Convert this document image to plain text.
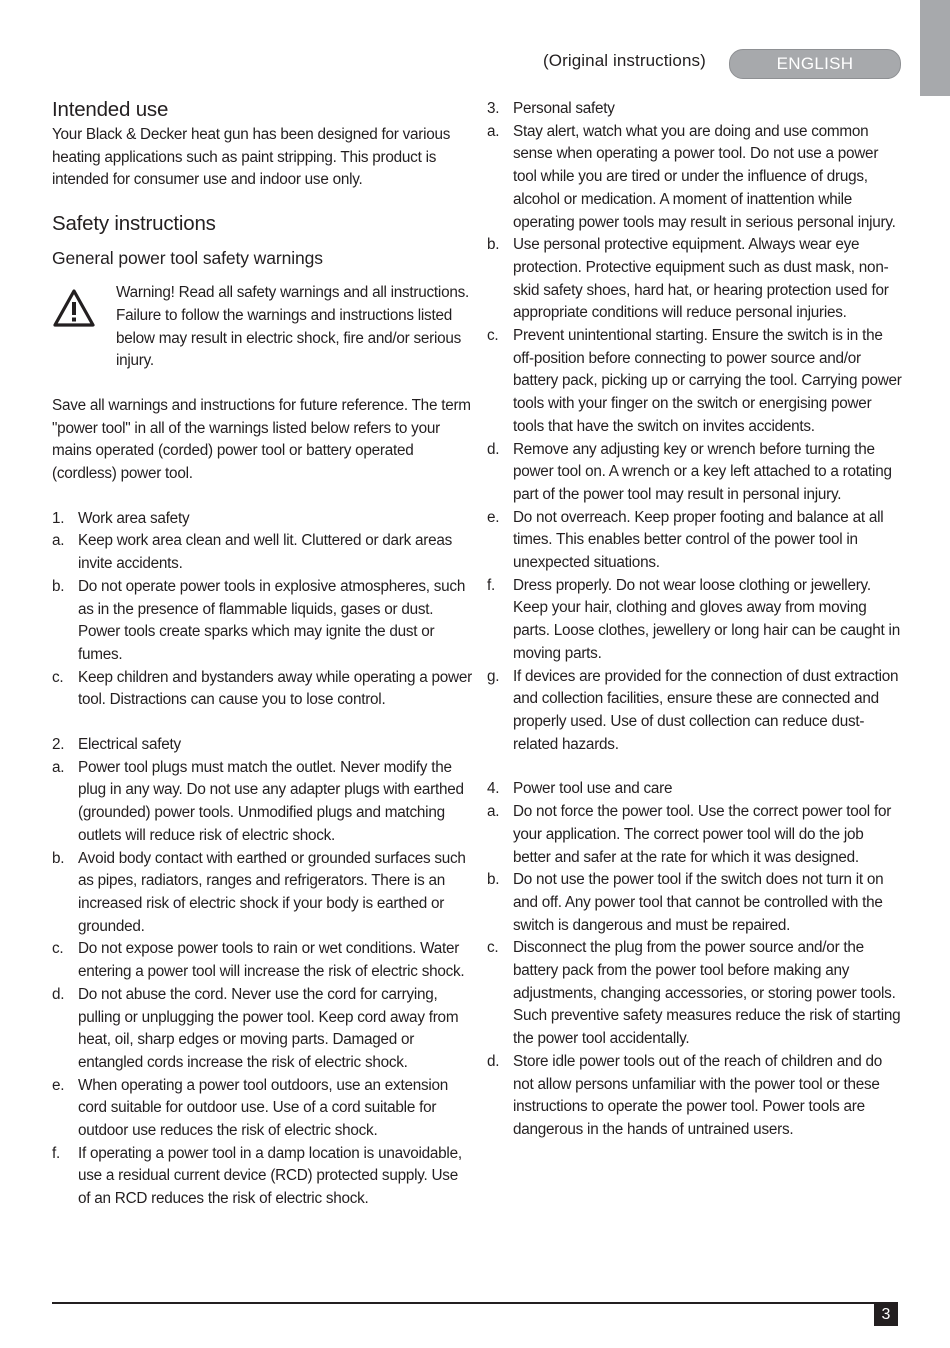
(Original instructions)	ENGLISH
Intended use
Your Black & Decker heat gun has been designed for various heating applications such as paint stripping. This product is intended for consumer use and indoor use only.
Safety instructions
General power tool safety warnings
Warning! Read all safety warnings and all instructions. Failure to follow the warnings and instructions listed below may result in electric shock, fire and/or serious injury.
Save all warnings and instructions for future reference. The term "power tool" in all of the warnings listed below refers to your mains operated (corded) power tool or battery operated (cordless) power tool.
1. Work area safety
a. Keep work area clean and well lit. Cluttered or dark areas invite accidents.
b. Do not operate power tools in explosive atmospheres, such as in the presence of flammable liquids, gases or dust. Power tools create sparks which may ignite the dust or fumes.
c. Keep children and bystanders away while operating a power tool. Distractions can cause you to lose control.
2. Electrical safety
a. Power tool plugs must match the outlet. Never modify the plug in any way. Do not use any adapter plugs with earthed (grounded) power tools. Unmodified plugs and matching outlets will reduce risk of electric shock.
b. Avoid body contact with earthed or grounded surfaces such as pipes, radiators, ranges and refrigerators. There is an increased risk of electric shock if your body is earthed or grounded.
c. Do not expose power tools to rain or wet conditions. Water entering a power tool will increase the risk of electric shock.
d. Do not abuse the cord. Never use the cord for carrying, pulling or unplugging the power tool. Keep cord away from heat, oil, sharp edges or moving parts. Damaged or entangled cords increase the risk of electric shock.
e. When operating a power tool outdoors, use an extension cord suitable for outdoor use. Use of a cord suitable for outdoor use reduces the risk of electric shock.
f.	If operating a power tool in a damp location is unavoidable, use a residual current device (RCD) protected supply. Use of an RCD reduces the risk of electric shock.
3. Personal safety
a. Stay alert, watch what you are doing and use common sense when operating a power tool. Do not use a power tool while you are tired or under the influence of drugs, alcohol or medication. A moment of inattention while operating power tools may result in serious personal injury.
b. Use personal protective equipment. Always wear eye protection. Protective equipment such as dust mask, non-skid safety shoes, hard hat, or hearing protection used for appropriate conditions will reduce personal injuries.
c. Prevent unintentional starting. Ensure the switch is in the off-position before connecting to power source and/or battery pack, picking up or carrying the tool. Carrying power tools with your finger on the switch or energising power tools that have the switch on invites accidents.
d. Remove any adjusting key or wrench before turning the power tool on. A wrench or a key left attached to a rotating part of the power tool may result in personal injury.
e. Do not overreach. Keep proper footing and balance at all times. This enables better control of the power tool in unexpected situations.
f.	Dress properly. Do not wear loose clothing or jewellery. Keep your hair, clothing and gloves away from moving parts. Loose clothes, jewellery or long hair can be caught in moving parts.
g. If devices are provided for the connection of dust extraction and collection facilities, ensure these are connected and properly used. Use of dust collection can reduce dust-related hazards.
4. Power tool use and care
a. Do not force the power tool. Use the correct power tool for your application. The correct power tool will do the job better and safer at the rate for which it was designed.
b. Do not use the power tool if the switch does not turn it on and off. Any power tool that cannot be controlled with the switch is dangerous and must be repaired.
c. Disconnect the plug from the power source and/or the battery pack from the power tool before making any adjustments, changing accessories, or storing power tools. Such preventive safety measures reduce the risk of starting the power tool accidentally.
d. Store idle power tools out of the reach of children and do not allow persons unfamiliar with the power tool or these instructions to operate the power tool. Power tools are dangerous in the hands of untrained users.
3
